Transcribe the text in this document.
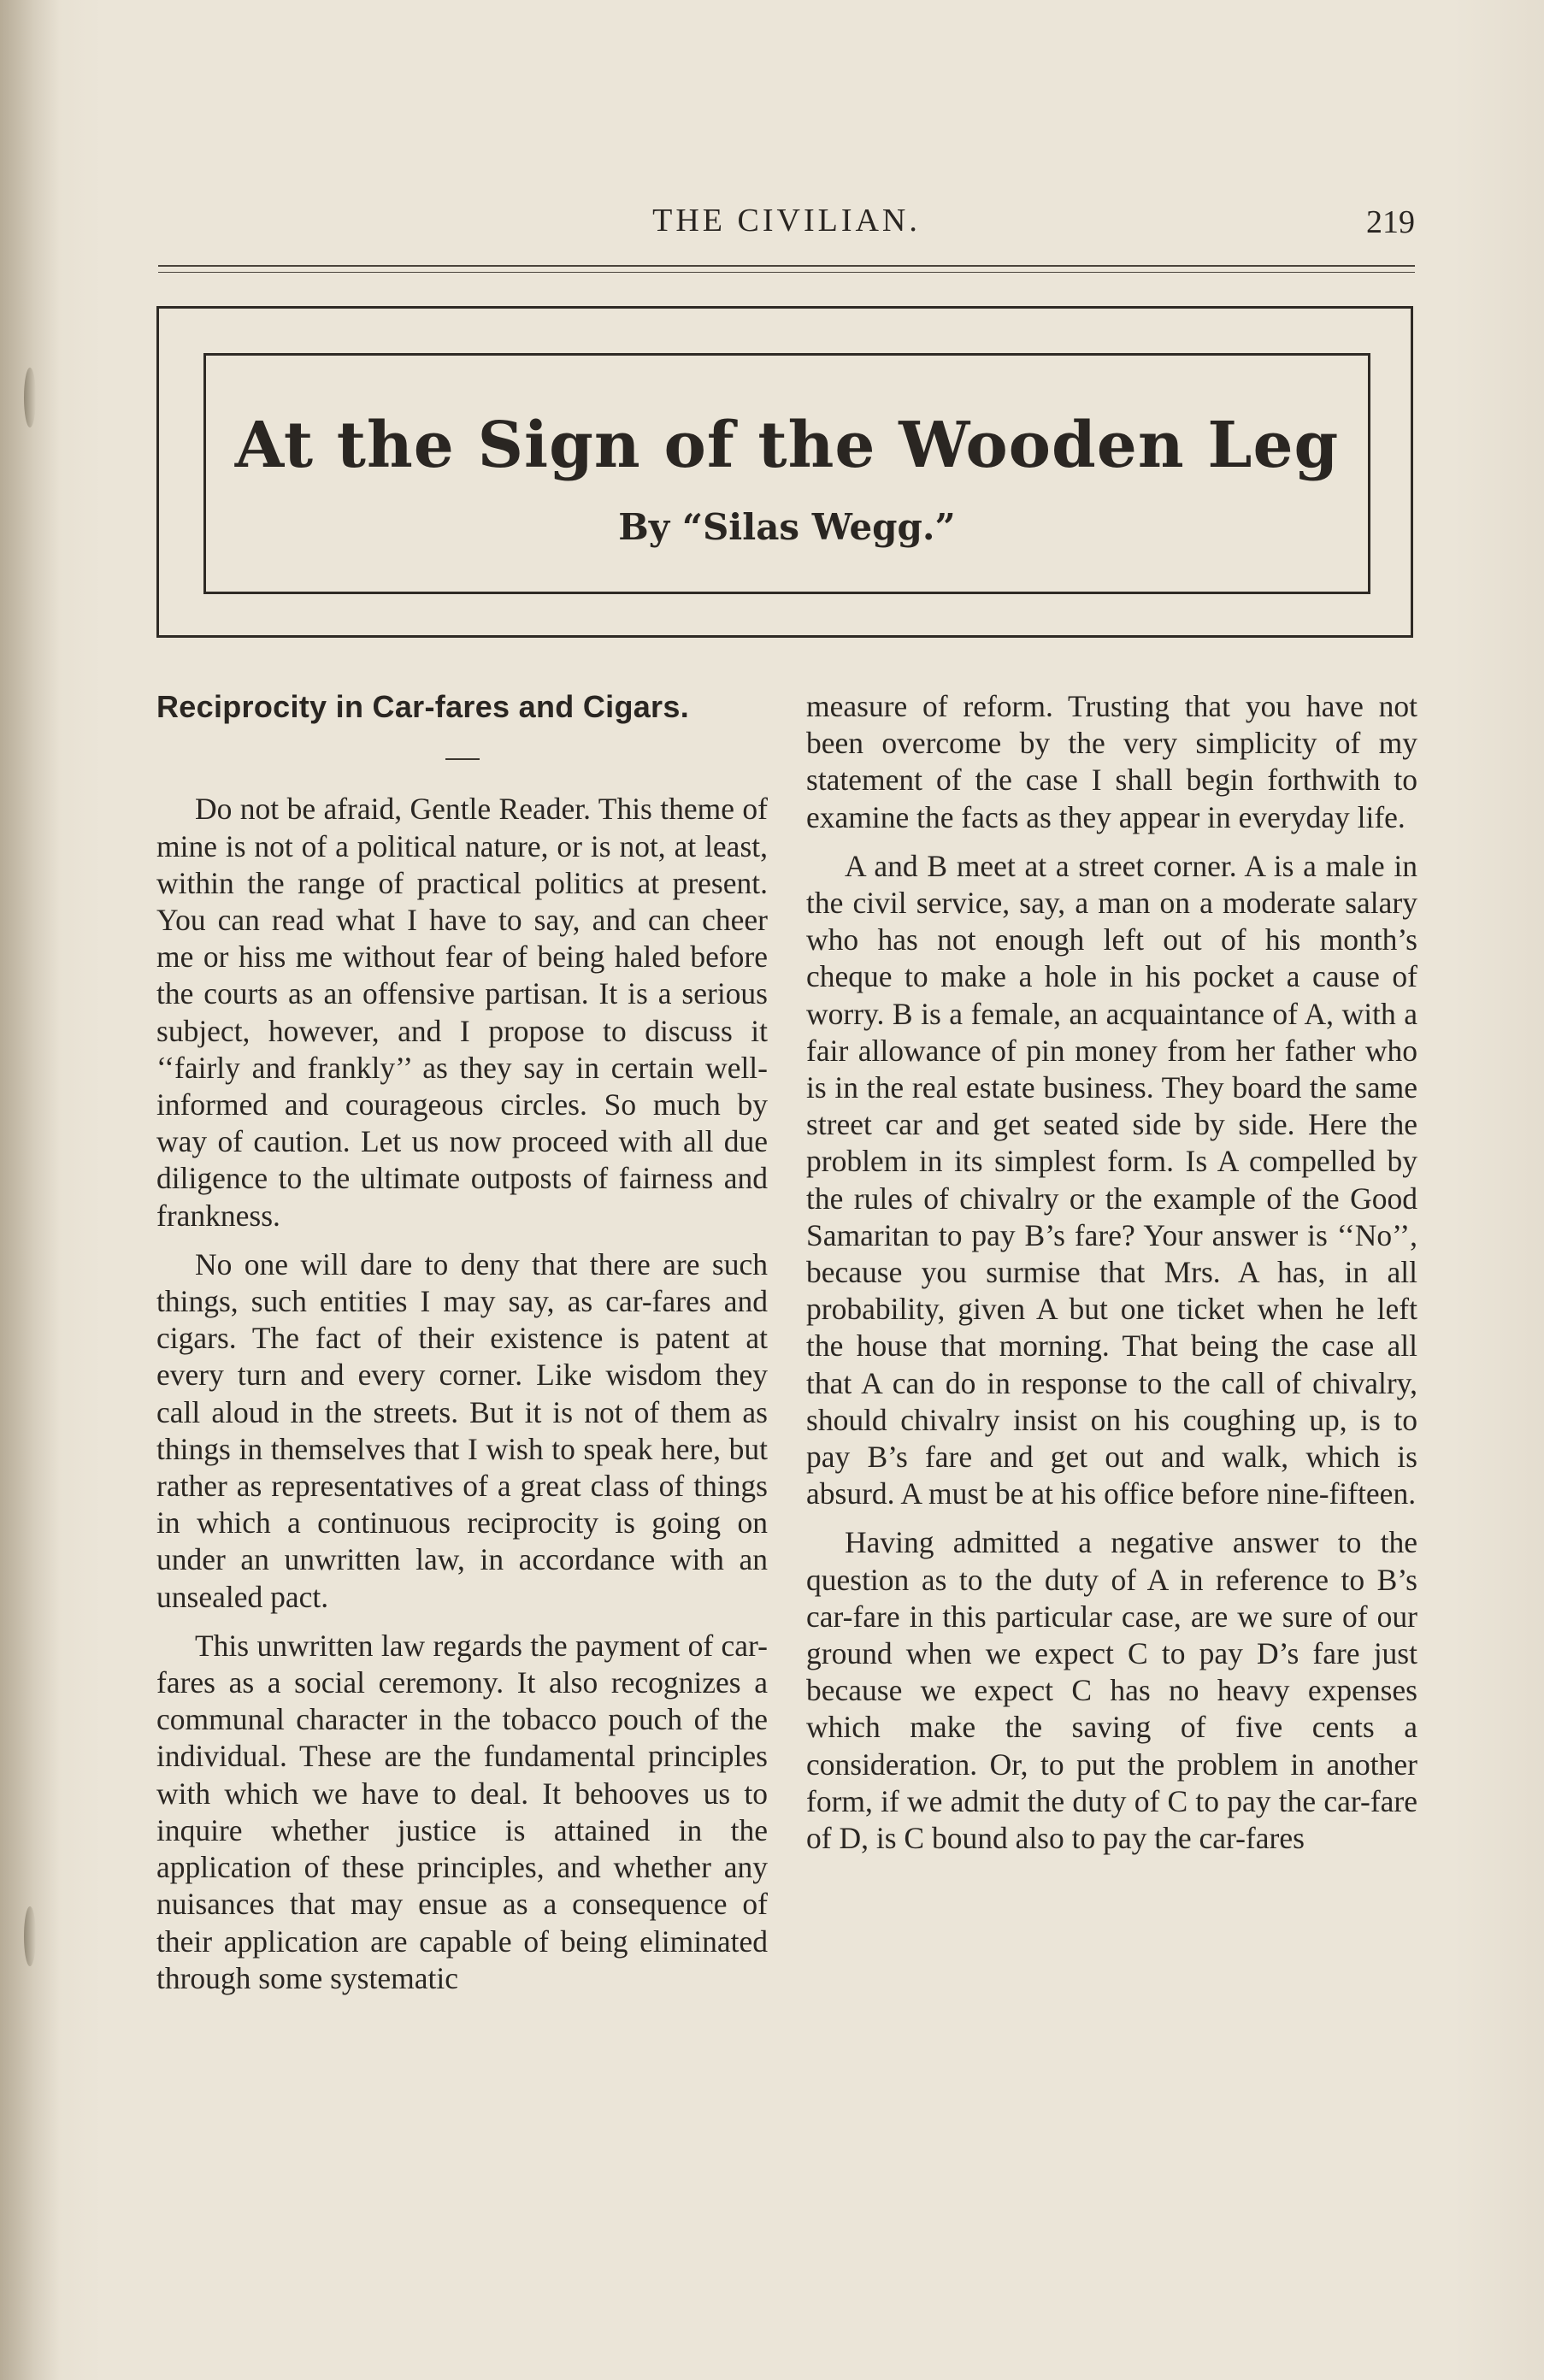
THE CIVILIAN.	219
At the Sign of the Wooden Leg
By “Silas Wegg.”
Reciprocity in Car-fares and Cigars.

Do not be afraid, Gentle Reader. This theme of mine is not of a political nature, or is not, at least, within the range of practical politics at present. You can read what I have to say, and can cheer me or hiss me without fear of being haled before the courts as an offensive partisan. It is a serious subject, however, and I propose to discuss it ‘‘fairly and frankly’’ as they say in certain well-informed and courageous circles. So much by way of caution. Let us now proceed with all due diligence to the ultimate outposts of fairness and frankness.

No one will dare to deny that there are such things, such entities I may say, as car-fares and cigars. The fact of their existence is patent at every turn and every corner. Like wisdom they call aloud in the streets. But it is not of them as things in themselves that I wish to speak here, but rather as representatives of a great class of things in which a continuous reciprocity is going on under an unwritten law, in accordance with an unsealed pact.

This unwritten law regards the payment of car-fares as a social ceremony. It also recognizes a communal character in the tobacco pouch of the individual. These are the fundamental principles with which we have to deal. It behooves us to inquire whether justice is attained in the application of these principles, and whether any nuisances that may ensue as a consequence of their application are capable of being eliminated through some systematic

measure of reform. Trusting that you have not been overcome by the very simplicity of my statement of the case I shall begin forthwith to examine the facts as they appear in everyday life.

A and B meet at a street corner. A is a male in the civil service, say, a man on a moderate salary who has not enough left out of his month’s cheque to make a hole in his pocket a cause of worry. B is a female, an acquaintance of A, with a fair allowance of pin money from her father who is in the real estate business. They board the same street car and get seated side by side. Here the problem in its simplest form. Is A compelled by the rules of chivalry or the example of the Good Samaritan to pay B’s fare? Your answer is ‘‘No’’, because you surmise that Mrs. A has, in all probability, given A but one ticket when he left the house that morning. That being the case all that A can do in response to the call of chivalry, should chivalry insist on his coughing up, is to pay B’s fare and get out and walk, which is absurd. A must be at his office before nine-fifteen.

Having admitted a negative answer to the question as to the duty of A in reference to B’s car-fare in this particular case, are we sure of our ground when we expect C to pay D’s fare just because we expect C has no heavy expenses which make the saving of five cents a consideration. Or, to put the problem in another form, if we admit the duty of C to pay the car-fare of D, is C bound also to pay the car-fares
